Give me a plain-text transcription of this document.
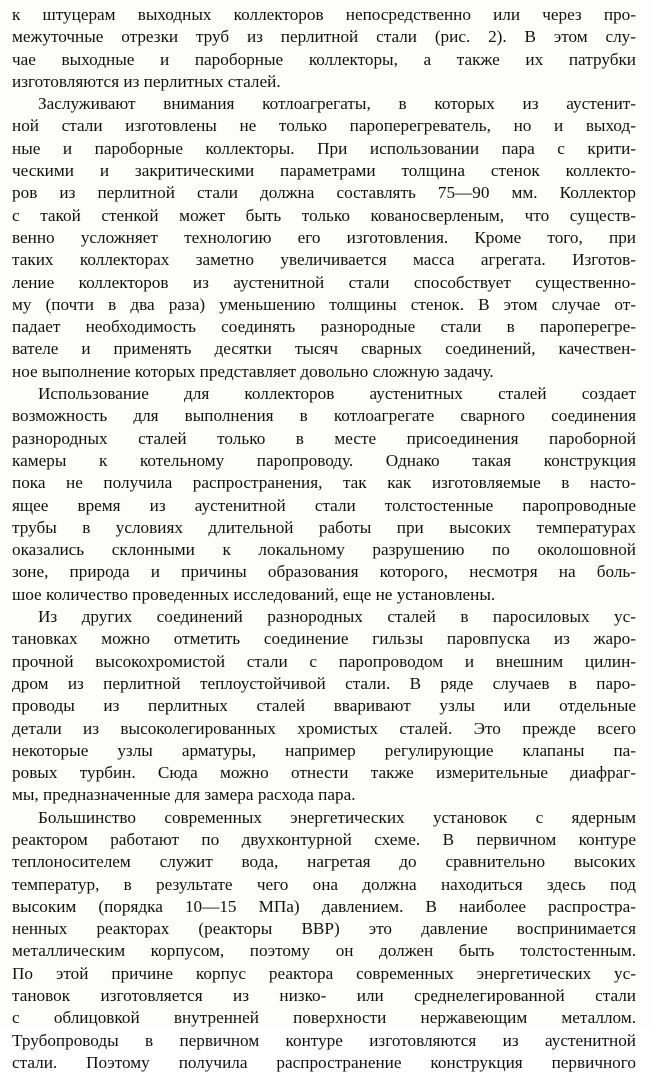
к штуцерам выходных коллекторов непосредственно или через про-
межуточные отрезки труб из перлитной стали (рис. 2). В этом слу-
чае выходные и пароборные коллекторы, а также их патрубки
изготовляются из перлитных сталей.
Заслуживают внимания котлоагрегаты, в которых из аустенит-
ной стали изготовлены не только пароперегреватель, но и выход-
ные и пароборные коллекторы. При использовании пара с крити-
ческими и закритическими параметрами толщина стенок коллекто-
ров из перлитной стали должна составлять 75—90 мм. Коллектор
с такой стенкой может быть только кованосверленым, что существ-
венно усложняет технологию его изготовления. Кроме того, при
таких коллекторах заметно увеличивается масса агрегата. Изготов-
ление коллекторов из аустенитной стали способствует существенно-
му (почти в два раза) уменьшению толщины стенок. В этом случае от-
падает необходимость соединять разнородные стали в пароперегре-
вателе и применять десятки тысяч сварных соединений, качествен-
ное выполнение которых представляет довольно сложную задачу.
Использование для коллекторов аустенитных сталей создает
возможность для выполнения в котлоагрегате сварного соединения
разнородных сталей только в месте присоединения пароборной
камеры к котельному паропроводу. Однако такая конструкция
пока не получила распространения, так как изготовляемые в насто-
ящее время из аустенитной стали толстостенные паропроводные
трубы в условиях длительной работы при высоких температурах
оказались склонными к локальному разрушению по околошовной
зоне, природа и причины образования которого, несмотря на боль-
шое количество проведенных исследований, еще не установлены.
Из других соединений разнородных сталей в паросиловых ус-
тановках можно отметить соединение гильзы паровпуска из жаро-
прочной высокохромистой стали с паропроводом и внешним цилин-
дром из перлитной теплоустойчивой стали. В ряде случаев в паро-
проводы из перлитных сталей вваривают узлы или отдельные
детали из высоколегированных хромистых сталей. Это прежде всего
некоторые узлы арматуры, например регулирующие клапаны па-
ровых турбин. Сюда можно отнести также измерительные диафраг-
мы, предназначенные для замера расхода пара.
Большинство современных энергетических установок с ядерным
реактором работают по двухконтурной схеме. В первичном контуре
теплоносителем служит вода, нагретая до сравнительно высоких
температур, в результате чего она должна находиться здесь под
высоким (порядка 10—15 МПа) давлением. В наиболее распростра-
ненных реакторах (реакторы ВВР) это давление воспринимается
металлическим корпусом, поэтому он должен быть толстостенным.
По этой причине корпус реактора современных энергетических ус-
тановок изготовляется из низко- или среднелегированной стали
с облицовкой внутренней поверхности нержавеющим металлом.
Трубопроводы в первичном контуре изготовляются из аустенитной
стали. Поэтому получила распространение конструкция первичного
